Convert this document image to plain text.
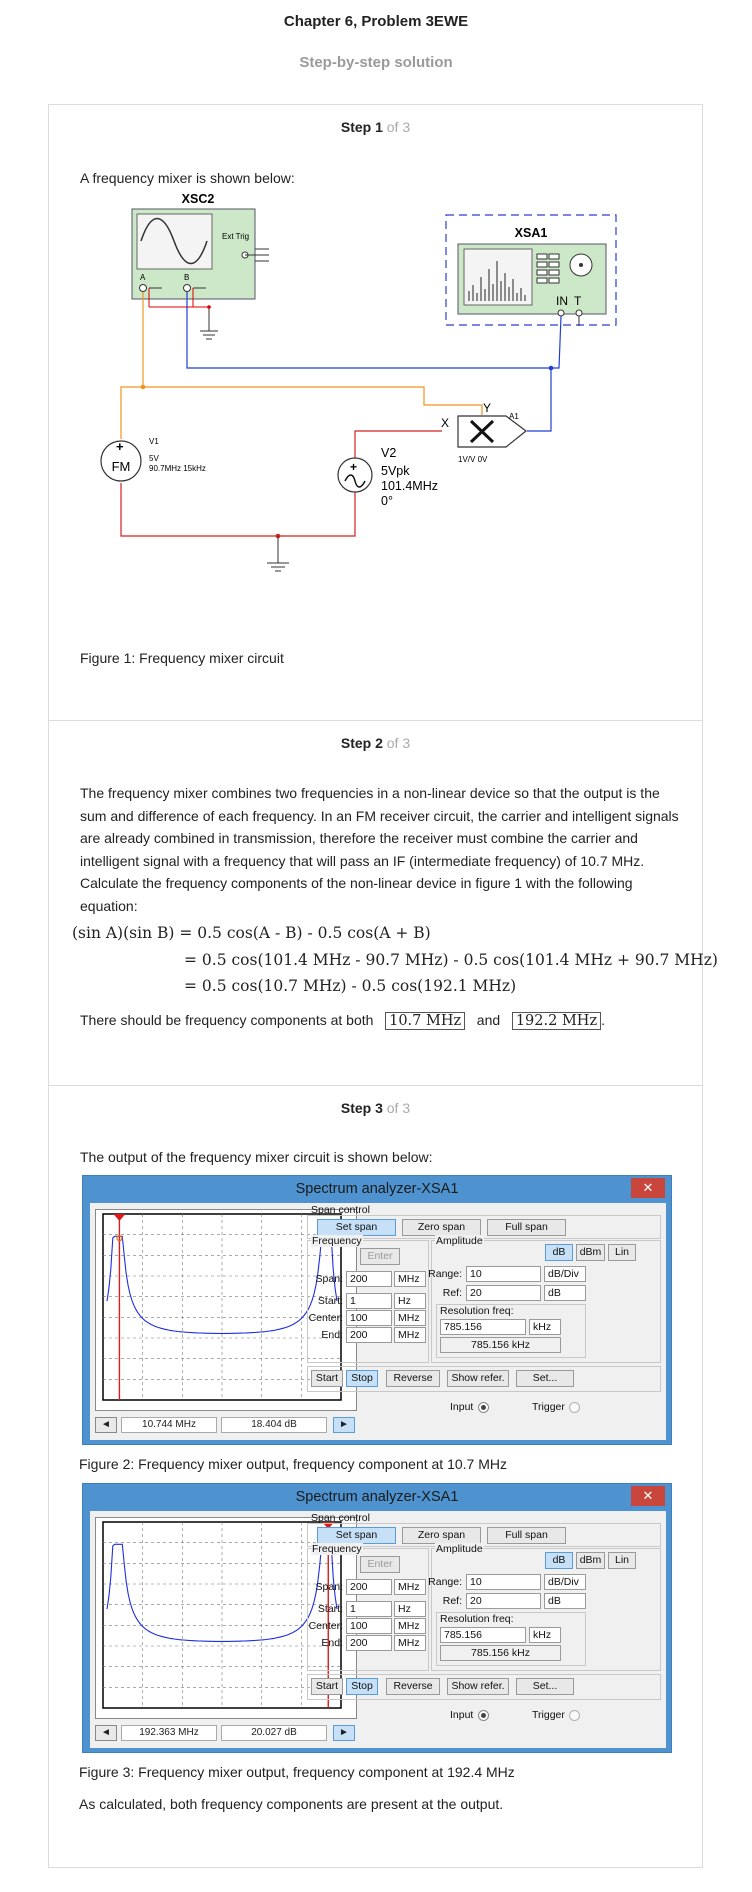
Chapter 6, Problem 3EWE
Step-by-step solution
Step 1 of 3
A frequency mixer is shown below:
XSC2
Ext Trig
A	B
XSA1
IN T
X
Y
A1
1V/V 0V
+
FM
V1
5V
90.7MHz 15kHz	+
V2
5Vpk
101.4MHz
0°
Figure 1: Frequency mixer circuit
Step 2 of 3
The frequency mixer combines two frequencies in a non-linear device so that the output is the sum and difference of each frequency. In an FM receiver circuit, the carrier and intelligent signals are already combined in transmission, therefore the receiver must combine the carrier and intelligent signal with a frequency that will pass an IF (intermediate frequency) of 10.7 MHz. Calculate the frequency components of the non-linear device in figure 1 with the following equation:
(sin A)(sin B) = 0.5 cos(A - B) - 0.5 cos(A + B)
= 0.5 cos(101.4 MHz - 90.7 MHz) - 0.5 cos(101.4 MHz + 90.7 MHz)
= 0.5 cos(10.7 MHz) - 0.5 cos(192.1 MHz)
There should be frequency components at both 10.7 MHz and 192.2 MHz .
Step 3 of 3
The output of the frequency mixer circuit is shown below:
Spectrum analyzer-XSA1	✕
◄	10.744 MHz	18.404 dB	►
Span control
Set span	Zero span	Full span
Frequency
Enter
Span: 200	MHz
Start: 1	Hz
Center: 100	MHz
End: 200	MHz
Amplitude
dB	dBm	Lin
Range: 10	dB/Div
Ref: 20	dB
Resolution freq:
785.156	kHz
785.156 kHz
Start	Stop	Reverse	Show refer.	Set...
Input	Trigger
Figure 2: Frequency mixer output, frequency component at 10.7 MHz
Spectrum analyzer-XSA1	✕
◄	192.363 MHz	20.027 dB	►
Span control
Set span	Zero span	Full span
Frequency
Enter
Span: 200	MHz
Start: 1	Hz
Center: 100	MHz
End: 200	MHz
Amplitude
dB	dBm	Lin
Range: 10	dB/Div
Ref: 20	dB
Resolution freq:
785.156	kHz
785.156 kHz
Start	Stop	Reverse	Show refer.	Set...
Input	Trigger
Figure 3: Frequency mixer output, frequency component at 192.4 MHz
As calculated, both frequency components are present at the output.
